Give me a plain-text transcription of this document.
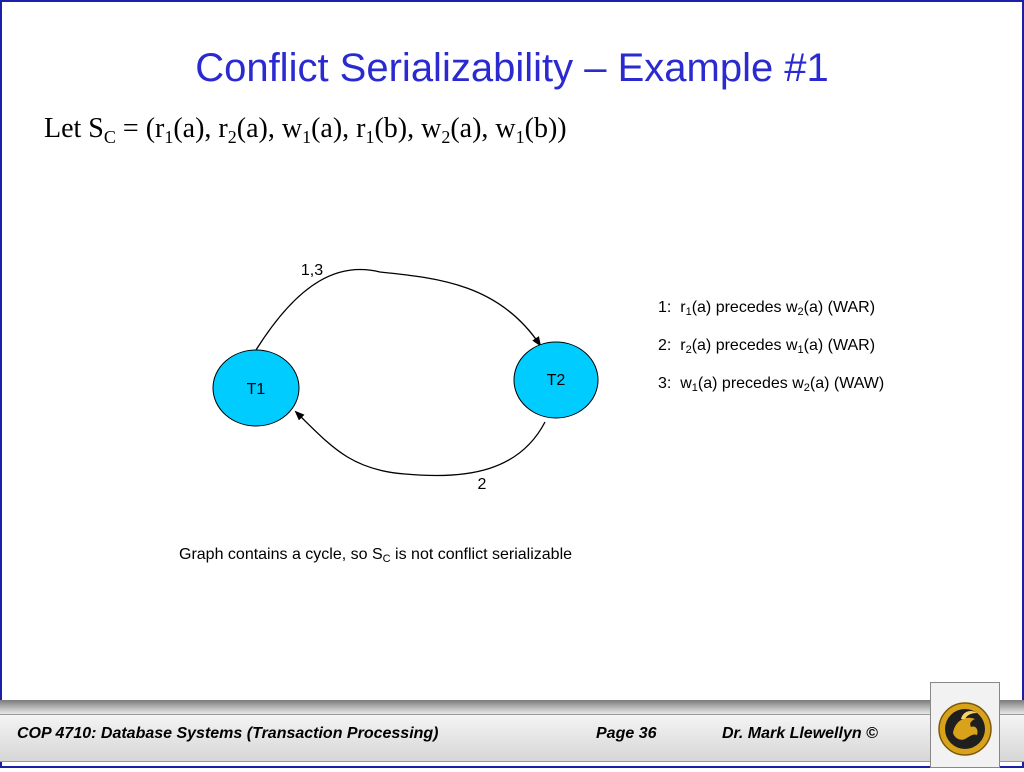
Conflict Serializability – Example #1
Let $S_C = (r_1(a)$, $r_2(a)$, $w_1(a)$, $r_1(b)$, $w_2(a)$, $w_1(b)$)
T1
T2
1,3
2
1: $r_1(a)$ precedes $w_2(a)$ (WAR)
2: $r_2(a)$ precedes $w_1(a)$ (WAR)
3: $w_1(a)$ precedes $w_2(a)$ (WAW)
Graph contains a cycle, so $S_C$ is not conflict serializable
COP 4710: Database Systems (Transaction Processing)	Page 36	Dr. Mark Llewellyn ©
